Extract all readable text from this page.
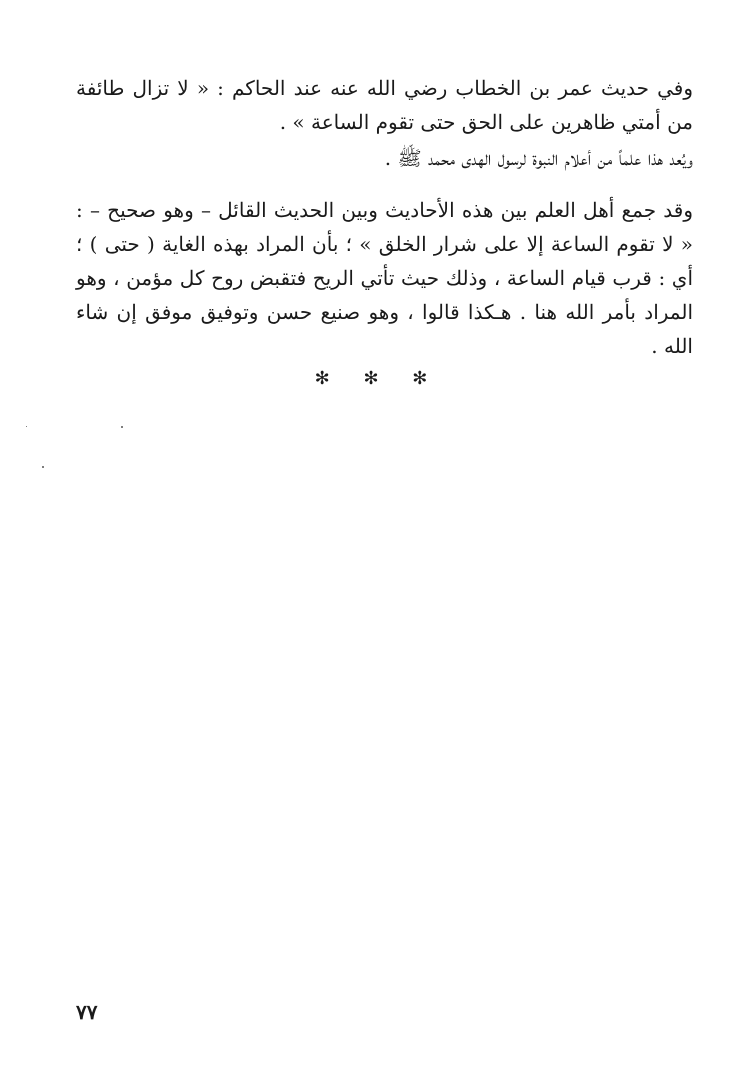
وفي حديث عمر بن الخطاب رضي الله عنه عند الحاكم : « لا تزال طائفة من أمتي ظاهرين على الحق حتى تقوم الساعة » .

ويُعد هذا علماً من أعلام النبوة لرسول الهدى محمد ﷺ .

وقد جمع أهل العلم بين هذه الأحاديث وبين الحديث القائل – وهو صحيح – : « لا تقوم الساعة إلا على شرار الخلق » ؛ بأن المراد بهذه الغاية ( حتى ) ؛ أي : قرب قيام الساعة ، وذلك حيث تأتي الريح فتقبض روح كل مؤمن ، وهو المراد بأمر الله هنا . هـكذا قالوا ، وهو صنيع حسن وتوفيق موفق إن شاء الله .

✻ ✻ ✻
٧٧
